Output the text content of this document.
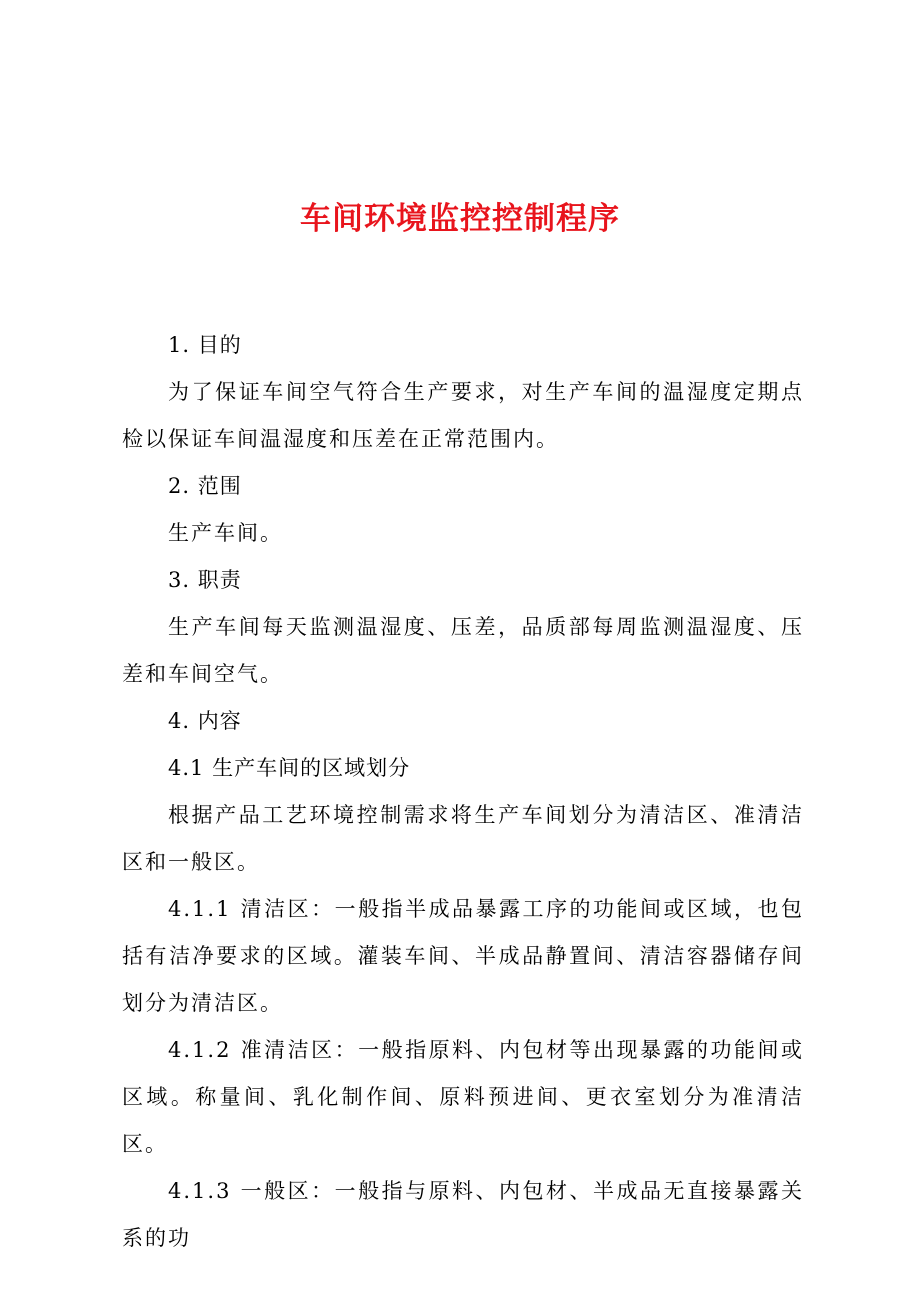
车间环境监控控制程序

1. 目的

为了保证车间空气符合生产要求，对生产车间的温湿度定期点检以保证车间温湿度和压差在正常范围内。

2. 范围

生产车间。

3. 职责

生产车间每天监测温湿度、压差，品质部每周监测温湿度、压差和车间空气。

4. 内容

4.1 生产车间的区域划分

根据产品工艺环境控制需求将生产车间划分为清洁区、准清洁区和一般区。

4.1.1 清洁区：一般指半成品暴露工序的功能间或区域，也包括有洁净要求的区域。灌装车间、半成品静置间、清洁容器储存间划分为清洁区。

4.1.2 准清洁区：一般指原料、内包材等出现暴露的功能间或区域。称量间、乳化制作间、原料预进间、更衣室划分为准清洁区。

4.1.3 一般区：一般指与原料、内包材、半成品无直接暴露关系的功
